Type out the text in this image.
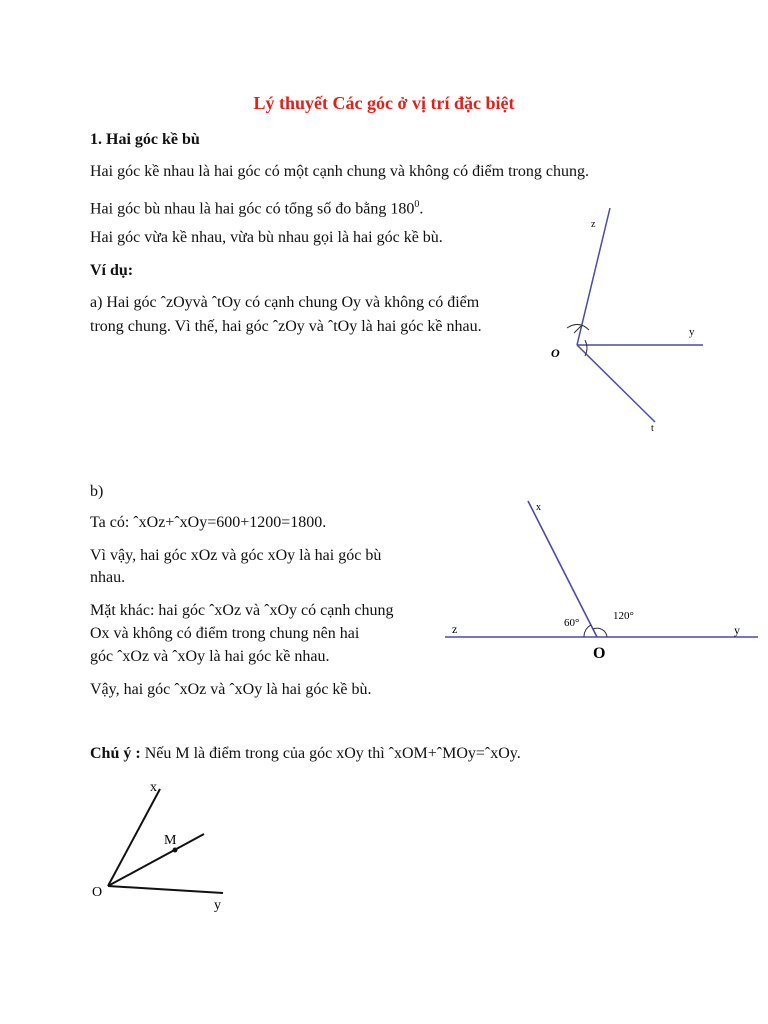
Lý thuyết Các góc ở vị trí đặc biệt
1. Hai góc kề bù
Hai góc kề nhau là hai góc có một cạnh chung và không có điểm trong chung.
Hai góc bù nhau là hai góc có tổng số đo bằng $180^0$.
Hai góc vừa kề nhau, vừa bù nhau gọi là hai góc kề bù.
Ví dụ:
a) Hai góc ˆzOyvà ˆtOy có cạnh chung Oy và không có điểm
trong chung. Vì thế, hai góc ˆzOy và ˆtOy là hai góc kề nhau.
z
y
O
t
b)
Ta có: ˆxOz+ˆxOy=600+1200=1800.
Vì vậy, hai góc xOz và góc xOy là hai góc bù
nhau.
Mặt khác: hai góc ˆxOz và ˆxOy có cạnh chung
Ox và không có điểm trong chung nên hai
góc ˆxOz và ˆxOy là hai góc kề nhau.
Vậy, hai góc ˆxOz và ˆxOy là hai góc kề bù.
x
z	y
O
60°
120°
Chú ý : Nếu M là điểm trong của góc xOy thì ˆxOM+ˆMOy=ˆxOy.
x
M
O
y
